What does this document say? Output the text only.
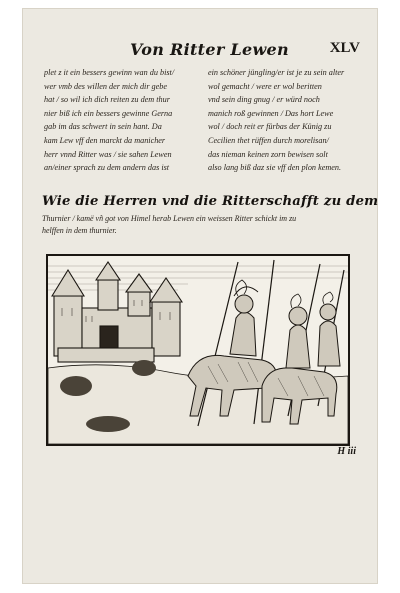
Von Ritter Lewen	XLV
plet z it ein bessers gewinn wan du bist/
wer vmb des willen der mich dir gebe
hat / so wil ich dich reiten zu dem thur
nier biß ich ein bessers gewinne Gerna
gab im das schwert in sein hant. Da
kam Lew vff den marckt da manicher
herr vnnd Ritter was / sie sahen Lewen
an/einer sprach zu dem andern das ist
ein schöner jüngling/er ist je zu sein alter
wol gemacht / were er wol beritten
vnd sein ding gnug / er würd noch
manich roß gewinnen / Das hort Lewe
wol / doch reit er fürbas der Künig zu
Cecilien thet rüffen durch morelisan/
das nieman keinen zorn bewisen solt
also lang biß daz sie vff den plon kemen.
Wie die Herren vnd die Ritterschafft zu dem
Thurnier / kamë vñ got von Himel herab Lewen ein weissen Ritter schickt im zu
helffen in dem thurnier.
H iii
